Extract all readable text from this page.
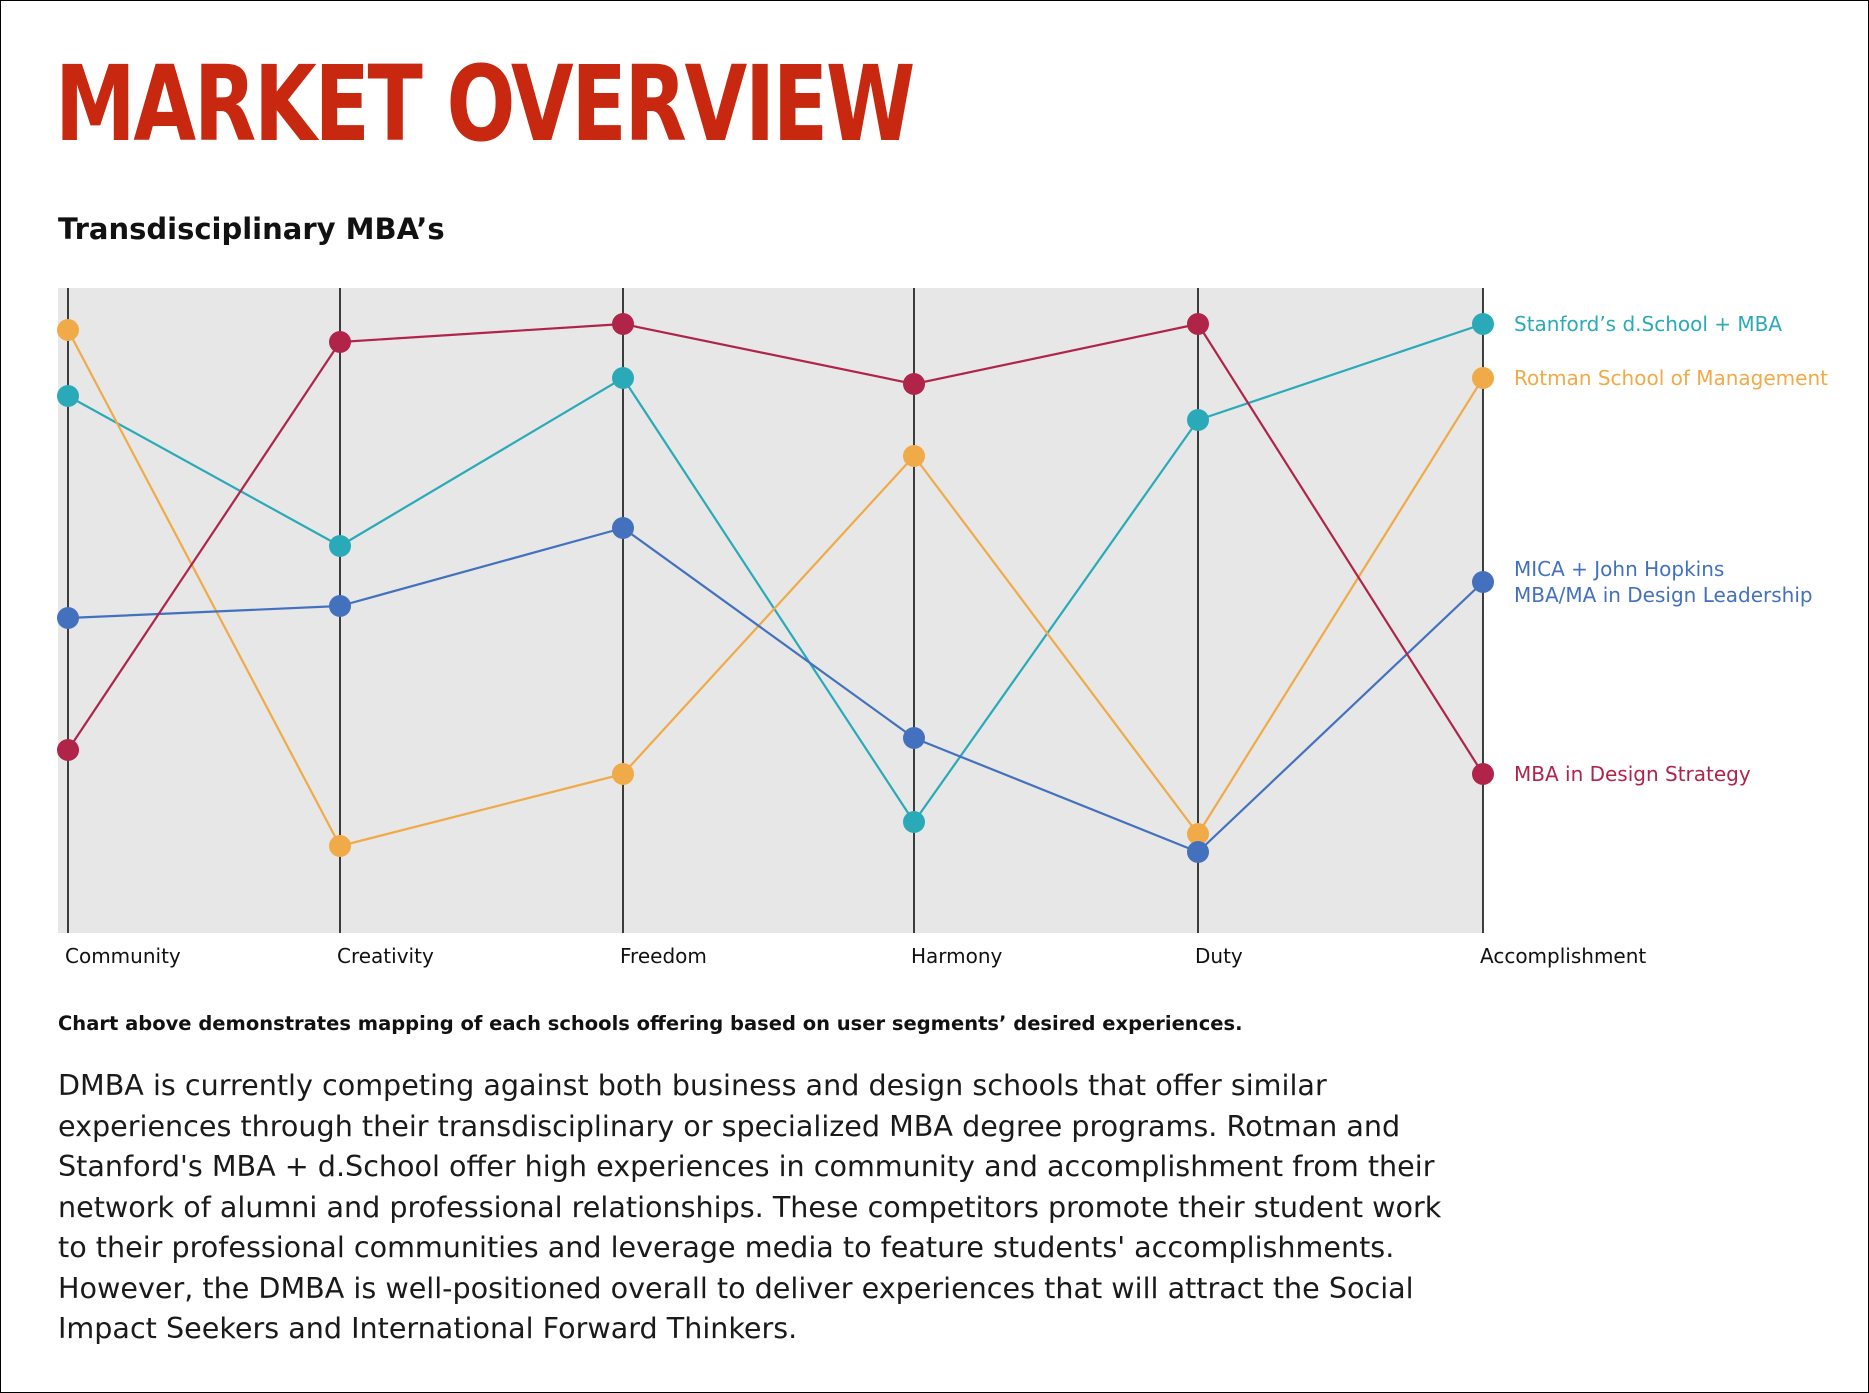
MARKET OVERVIEW
Transdisciplinary MBA’s
Community	Creativity	Freedom	Harmony	Duty	Accomplishment
Stanford’s d.School + MBA
Rotman School of Management
MICA + John Hopkins
MBA/MA in Design Leadership
MBA in Design Strategy

Chart above demonstrates mapping of each schools offering based on user segments’ desired experiences.

DMBA is currently competing against both business and design schools that offer similar
experiences through their transdisciplinary or specialized MBA degree programs. Rotman and
Stanford's MBA + d.School offer high experiences in community and accomplishment from their
network of alumni and professional relationships. These competitors promote their student work
to their professional communities and leverage media to feature students' accomplishments.
However, the DMBA is well-positioned overall to deliver experiences that will attract the Social
Impact Seekers and International Forward Thinkers.
